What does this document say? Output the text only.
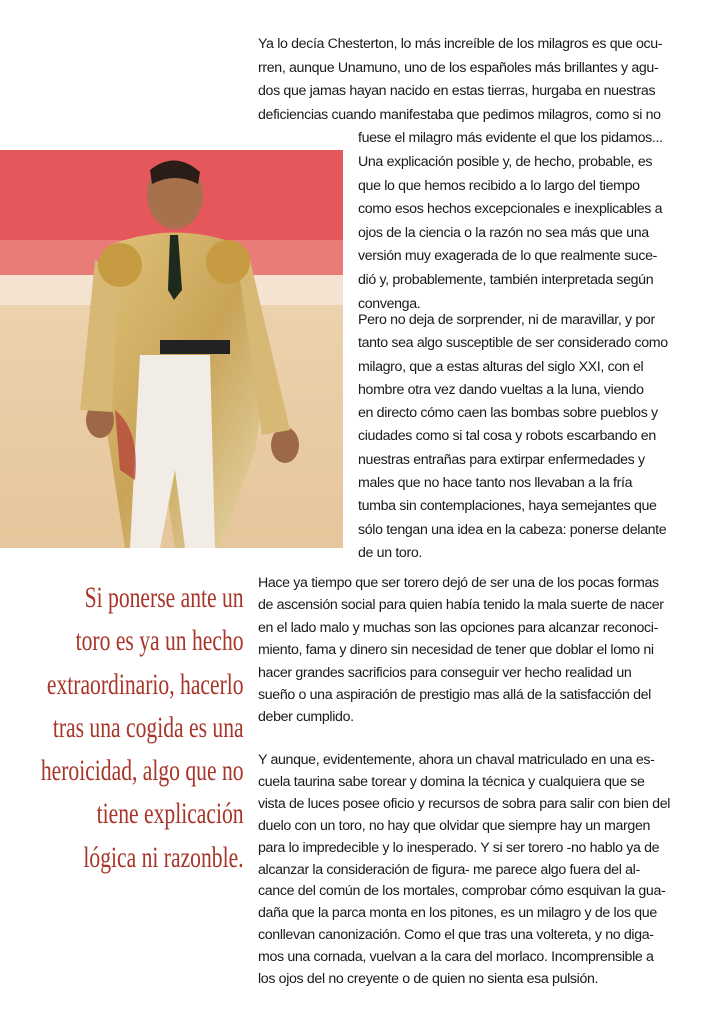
Ya lo decía Chesterton, lo más increíble de los milagros es que ocu-
rren, aunque Unamuno, uno de los españoles más brillantes y agu-
dos que jamas hayan nacido en estas tierras, hurgaba en nuestras
deficiencias cuando manifestaba que pedimos milagros, como si no
fuese el milagro más evidente el que los pidamos...
Una explicación posible y, de hecho, probable, es
que lo que hemos recibido a lo largo del tiempo
como esos hechos excepcionales e inexplicables a
ojos de la ciencia o la razón no sea más que una
versión muy exagerada de lo que realmente suce-
dió y, probablemente, también interpretada según
convenga.
Pero no deja de sorprender, ni de maravillar, y por
tanto sea algo susceptible de ser considerado como
milagro, que a estas alturas del siglo XXI, con el
hombre otra vez dando vueltas a la luna, viendo
en directo cómo caen las bombas sobre pueblos y
ciudades como si tal cosa y robots escarbando en
nuestras entrañas para extirpar enfermedades y
males que no hace tanto nos llevaban a la fría
tumba sin contemplaciones, haya semejantes que
sólo tengan una idea en la cabeza: ponerse delante
de un toro.
Hace ya tiempo que ser torero dejó de ser una de los pocas formas
de ascensión social para quien había tenido la mala suerte de nacer
en el lado malo y muchas son las opciones para alcanzar reconoci-
miento, fama y dinero sin necesidad de tener que doblar el lomo ni
hacer grandes sacrificios para conseguir ver hecho realidad un
sueño o una aspiración de prestigio mas allá de la satisfacción del
deber cumplido.
Y aunque, evidentemente, ahora un chaval matriculado en una es-
cuela taurina sabe torear y domina la técnica y cualquiera que se
vista de luces posee oficio y recursos de sobra para salir con bien del
duelo con un toro, no hay que olvidar que siempre hay un margen
para lo impredecible y lo inesperado. Y si ser torero -no hablo ya de
alcanzar la consideración de figura- me parece algo fuera del al-
cance del común de los mortales, comprobar cómo esquivan la gua-
daña que la parca monta en los pitones, es un milagro y de los que
conllevan canonización. Como el que tras una voltereta, y no diga-
mos una cornada, vuelvan a la cara del morlaco. Incomprensible a
los ojos del no creyente o de quien no sienta esa pulsión.
Si ponerse ante un
toro es ya un hecho
extraordinario, hacerlo
tras una cogida es una
heroicidad, algo que no
tiene explicación
lógica ni razonble.
